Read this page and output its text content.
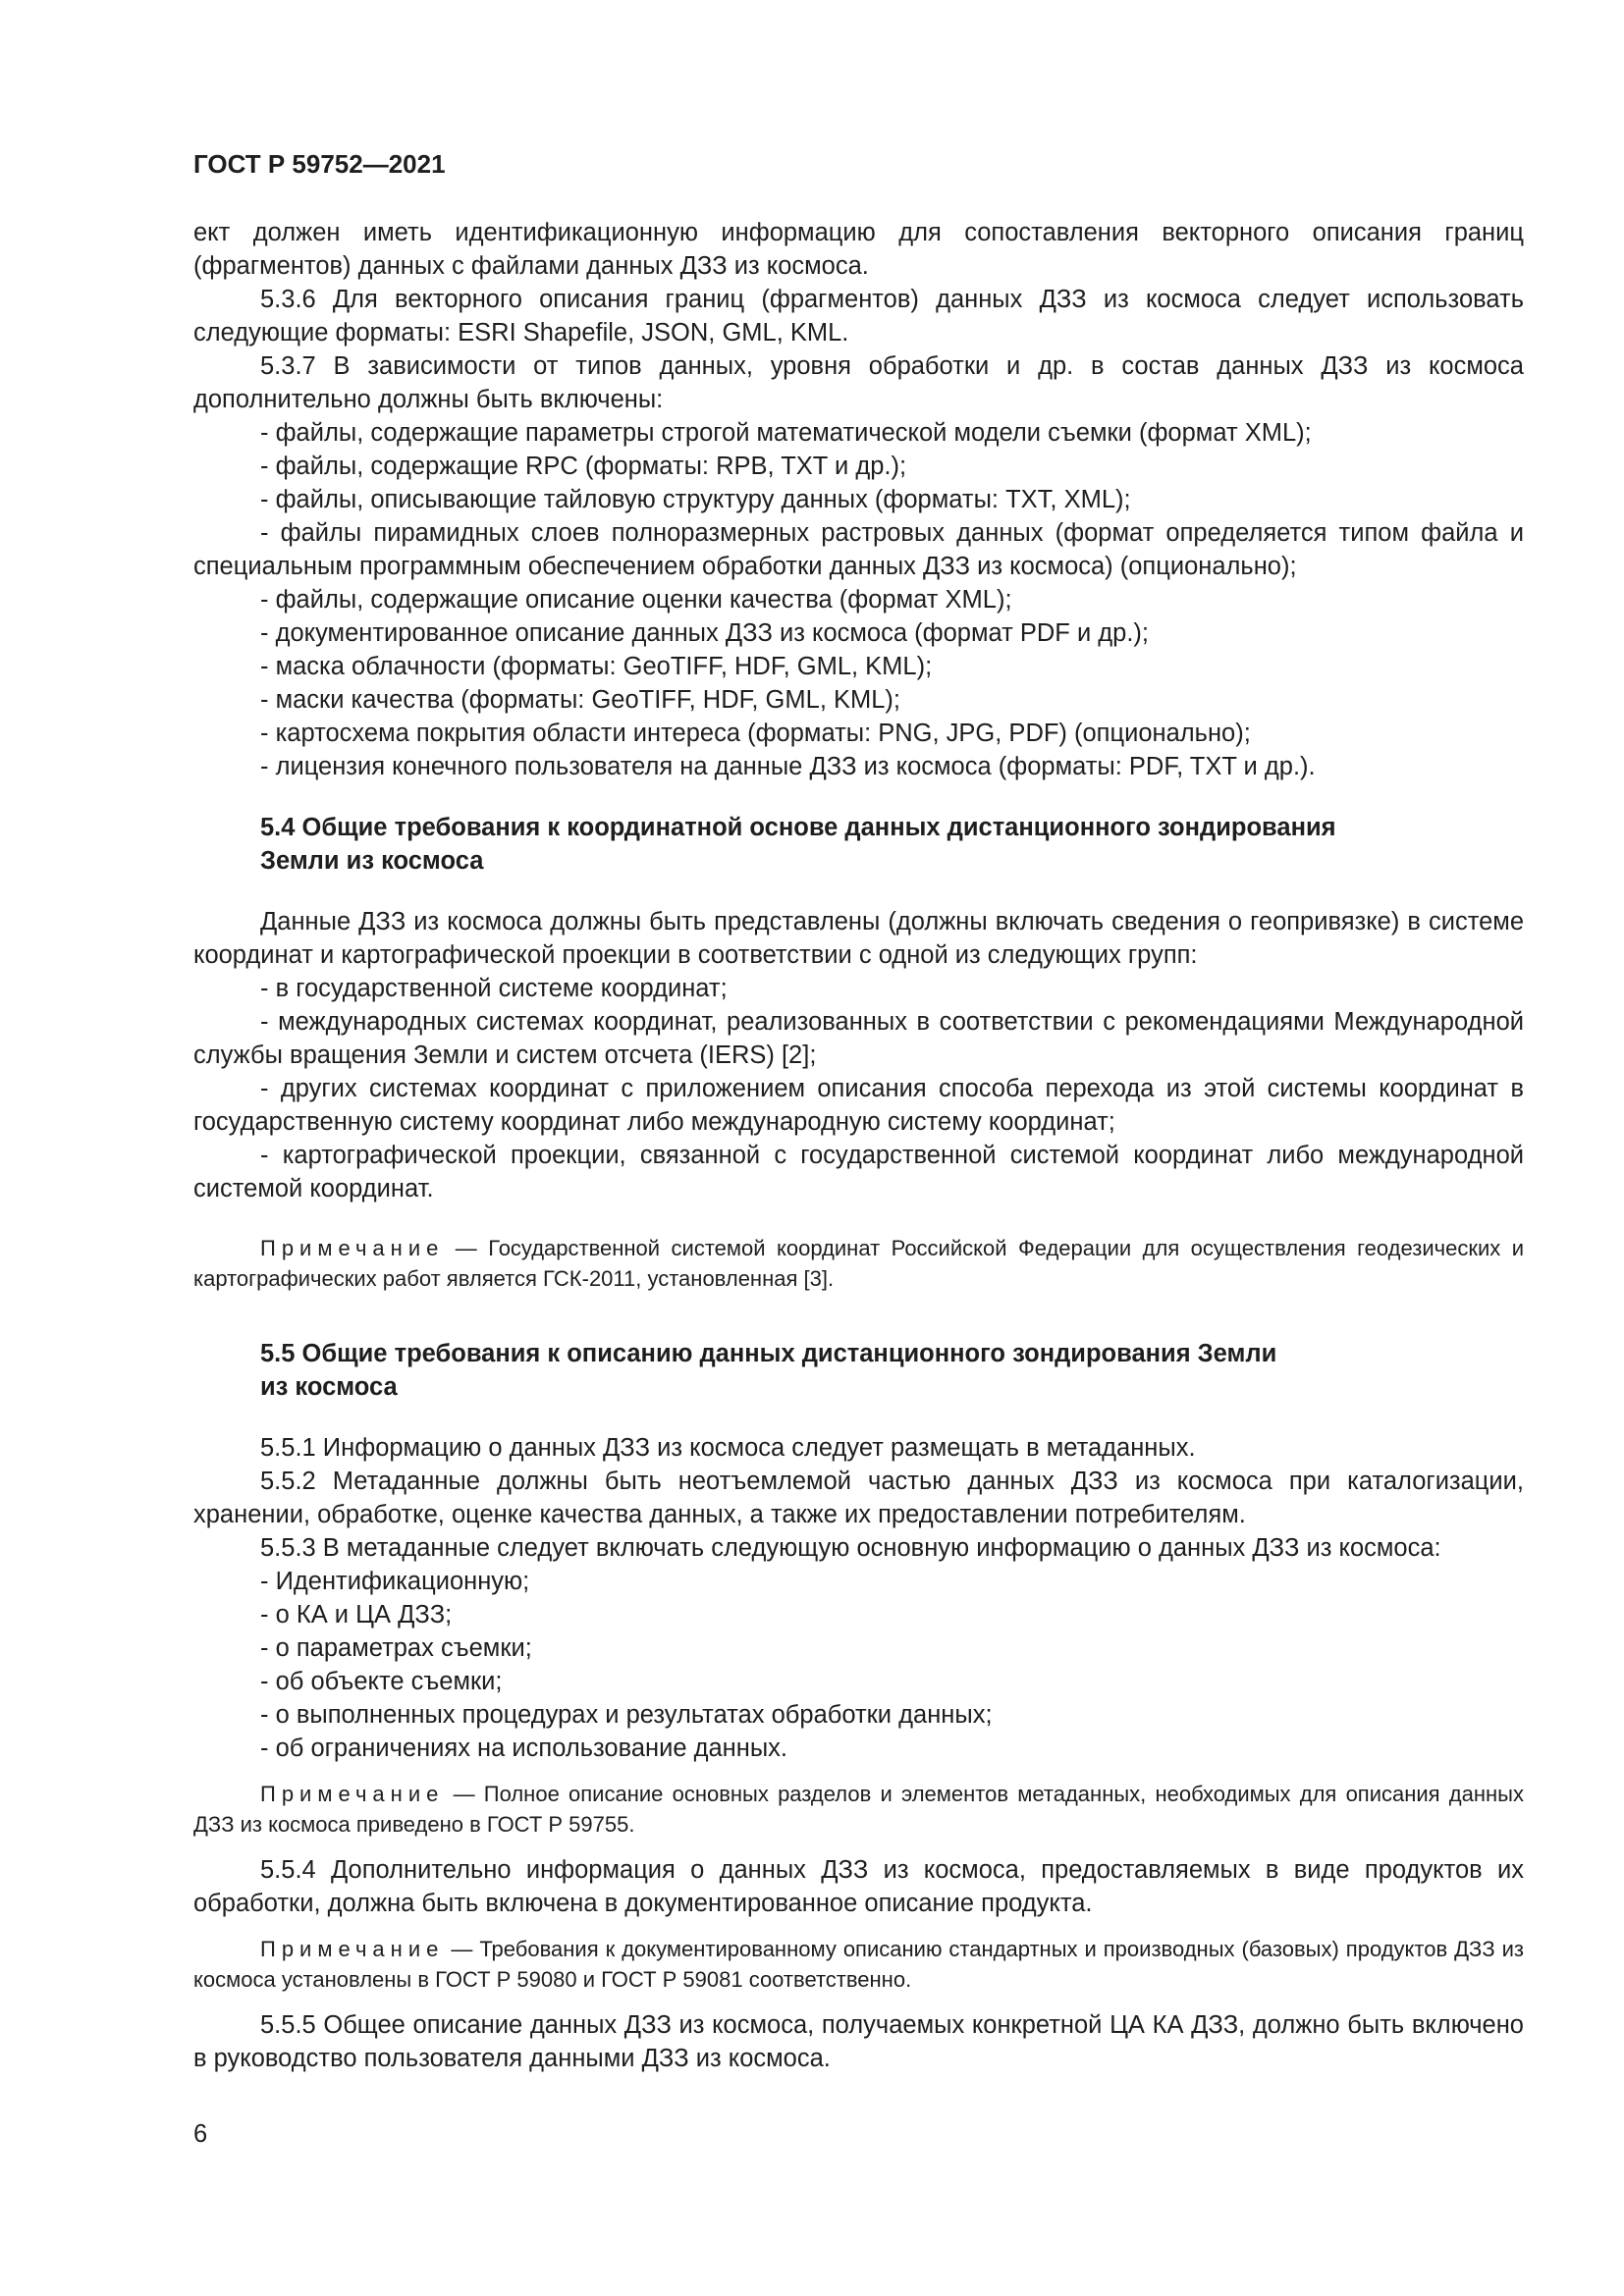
ГОСТ Р 59752—2021

ект должен иметь идентификационную информацию для сопоставления векторного описания границ (фрагментов) данных с файлами данных ДЗЗ из космоса.

5.3.6 Для векторного описания границ (фрагментов) данных ДЗЗ из космоса следует использовать следующие форматы: ESRI Shapefile, JSON, GML, KML.

5.3.7 В зависимости от типов данных, уровня обработки и др. в состав данных ДЗЗ из космоса дополнительно должны быть включены:

- файлы, содержащие параметры строгой математической модели съемки (формат XML);

- файлы, содержащие RPC (форматы: RPB, TXT и др.);

- файлы, описывающие тайловую структуру данных (форматы: TXT, XML);

- файлы пирамидных слоев полноразмерных растровых данных (формат определяется типом файла и специальным программным обеспечением обработки данных ДЗЗ из космоса) (опционально);

- файлы, содержащие описание оценки качества (формат XML);

- документированное описание данных ДЗЗ из космоса (формат PDF и др.);

- маска облачности (форматы: GeoTIFF, HDF, GML, KML);

- маски качества (форматы: GeoTIFF, HDF, GML, KML);

- картосхема покрытия области интереса (форматы: PNG, JPG, PDF) (опционально);

- лицензия конечного пользователя на данные ДЗЗ из космоса (форматы: PDF, TXT и др.).

5.4 Общие требования к координатной основе данных дистанционного зондирования
Земли из космоса

Данные ДЗЗ из космоса должны быть представлены (должны включать сведения о геопривязке) в системе координат и картографической проекции в соответствии с одной из следующих групп:

- в государственной системе координат;

- международных системах координат, реализованных в соответствии с рекомендациями Международной службы вращения Земли и систем отсчета (IERS) [2];

- других системах координат с приложением описания способа перехода из этой системы координат в государственную систему координат либо международную систему координат;

- картографической проекции, связанной с государственной системой координат либо международной системой координат.

Примечание — Государственной системой координат Российской Федерации для осуществления геодезических и картографических работ является ГСК-2011, установленная [3].

5.5 Общие требования к описанию данных дистанционного зондирования Земли
из космоса

5.5.1 Информацию о данных ДЗЗ из космоса следует размещать в метаданных.

5.5.2 Метаданные должны быть неотъемлемой частью данных ДЗЗ из космоса при каталогизации, хранении, обработке, оценке качества данных, а также их предоставлении потребителям.

5.5.3 В метаданные следует включать следующую основную информацию о данных ДЗЗ из космоса:

- Идентификационную;

- о КА и ЦА ДЗЗ;

- о параметрах съемки;

- об объекте съемки;

- о выполненных процедурах и результатах обработки данных;

- об ограничениях на использование данных.

Примечание — Полное описание основных разделов и элементов метаданных, необходимых для описания данных ДЗЗ из космоса приведено в ГОСТ Р 59755.

5.5.4 Дополнительно информация о данных ДЗЗ из космоса, предоставляемых в виде продуктов их обработки, должна быть включена в документированное описание продукта.

Примечание — Требования к документированному описанию стандартных и производных (базовых) продуктов ДЗЗ из космоса установлены в ГОСТ Р 59080 и ГОСТ Р 59081 соответственно.

5.5.5 Общее описание данных ДЗЗ из космоса, получаемых конкретной ЦА КА ДЗЗ, должно быть включено в руководство пользователя данными ДЗЗ из космоса.

6
